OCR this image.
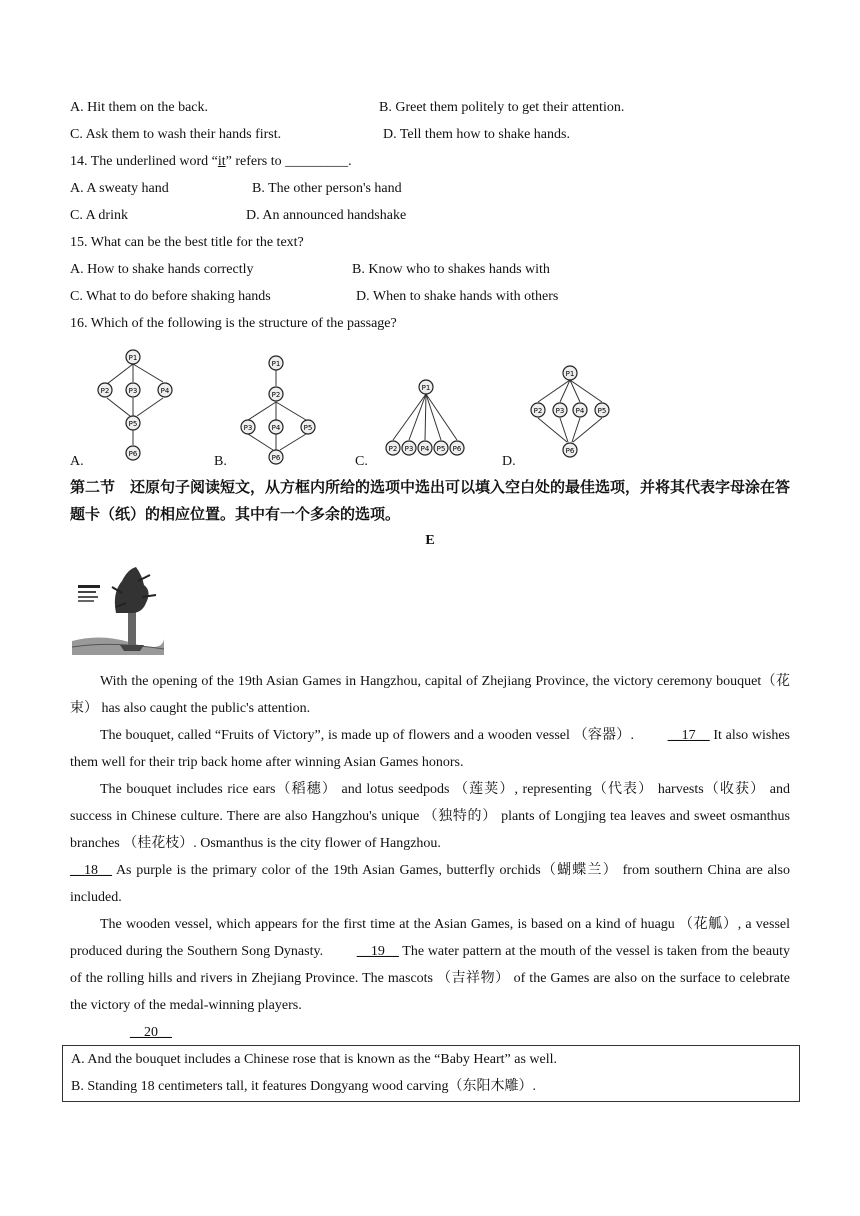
A. Hit them on the back.	B. Greet them politely to get their attention.
C. Ask them to wash their hands first.	D. Tell them how to shake hands.
14. The underlined word “it” refers to _________.
A. A sweaty hand	B. The other person's hand
C. A drink	D. An announced handshake
15. What can be the best title for the text?
A. How to shake hands correctly	B. Know who to shakes hands with
C. What to do before shaking hands	D. When to shake hands with others
16. Which of the following is the structure of the passage?
P1
P2	P3	P4
P5
P6
P1
P2
P3	P4	P5
P6
P1
P2 P3 P4 P5 P6
P1
P2 P3 P4 P5
P6
A.	B.	C.	D.
第二节　还原句子阅读短文，从方框内所给的选项中选出可以填入空白处的最佳选项，并将其代表字母涂在答题卡（纸）的相应位置。其中有一个多余的选项。
E
With the opening of the 19th Asian Games in Hangzhou, capital of Zhejiang Province, the victory ceremony bouquet（花束） has also caught the public's attention.
The bouquet, called “Fruits of Victory”, is made up of flowers and a wooden vessel （容器）. __17__ It also wishes them well for their trip back home after winning Asian Games honors.
The bouquet includes rice ears（稻穗） and lotus seedpods （莲荚）, representing（代表） harvests（收获） and success in Chinese culture. There are also Hangzhou's unique （独特的） plants of Longjing tea leaves and sweet osmanthus branches （桂花枝）. Osmanthus is the city flower of Hangzhou.
__18__ As purple is the primary color of the 19th Asian Games, butterfly orchids（蝴蝶兰） from southern China are also included.
The wooden vessel, which appears for the first time at the Asian Games, is based on a kind of huagu （花觚）, a vessel produced during the Southern Song Dynasty. __19__ The water pattern at the mouth of the vessel is taken from the beauty of the rolling hills and rivers in Zhejiang Province. The mascots （吉祥物） of the Games are also on the surface to celebrate the victory of the medal-winning players.
__20__
A. And the bouquet includes a Chinese rose that is known as the “Baby Heart” as well.
B. Standing 18 centimeters tall, it features Dongyang wood carving（东阳木雕）.
